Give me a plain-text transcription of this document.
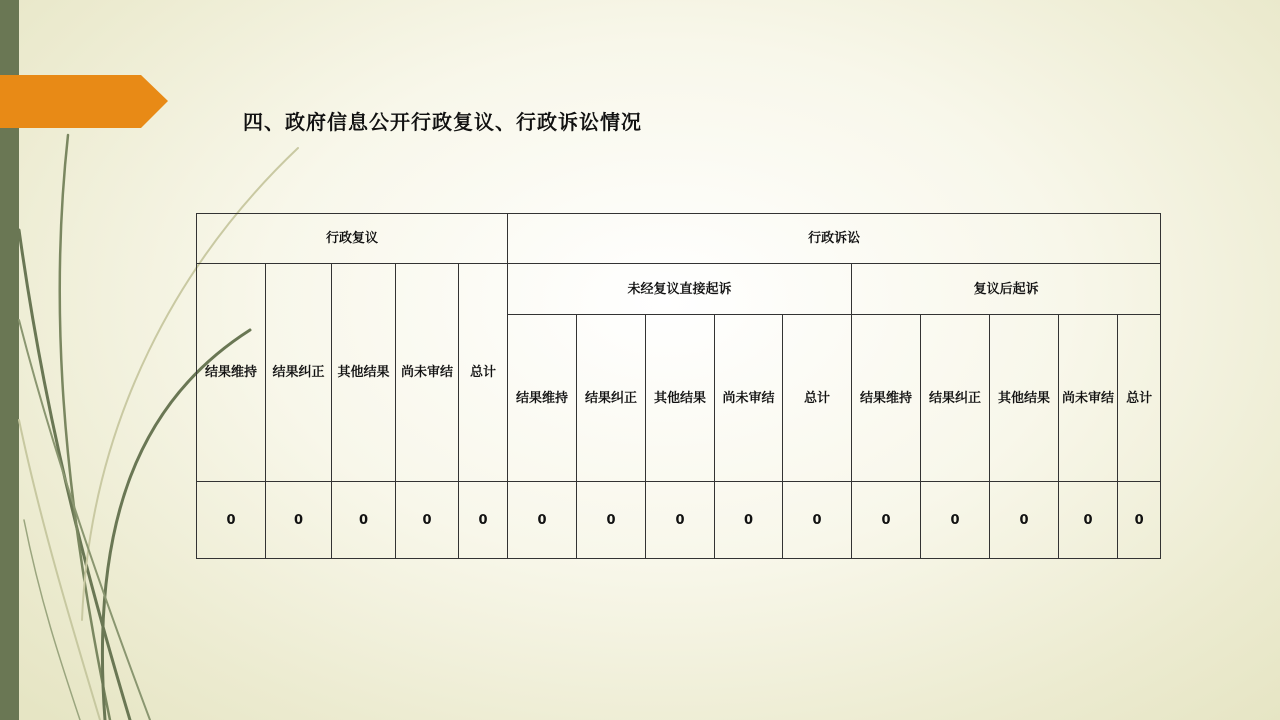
四、政府信息公开行政复议、行政诉讼情况
行政复议					行政诉讼									
结果维持	结果纠正	其他结果	尚未审结	总计	未经复议直接起诉					复议后起诉				
					结果维持	结果纠正	其他结果	尚未审结	总计	结果维持	结果纠正	其他结果	尚未审结	总计
0	0	0	0	0	0	0	0	0	0	0	0	0	0	0
